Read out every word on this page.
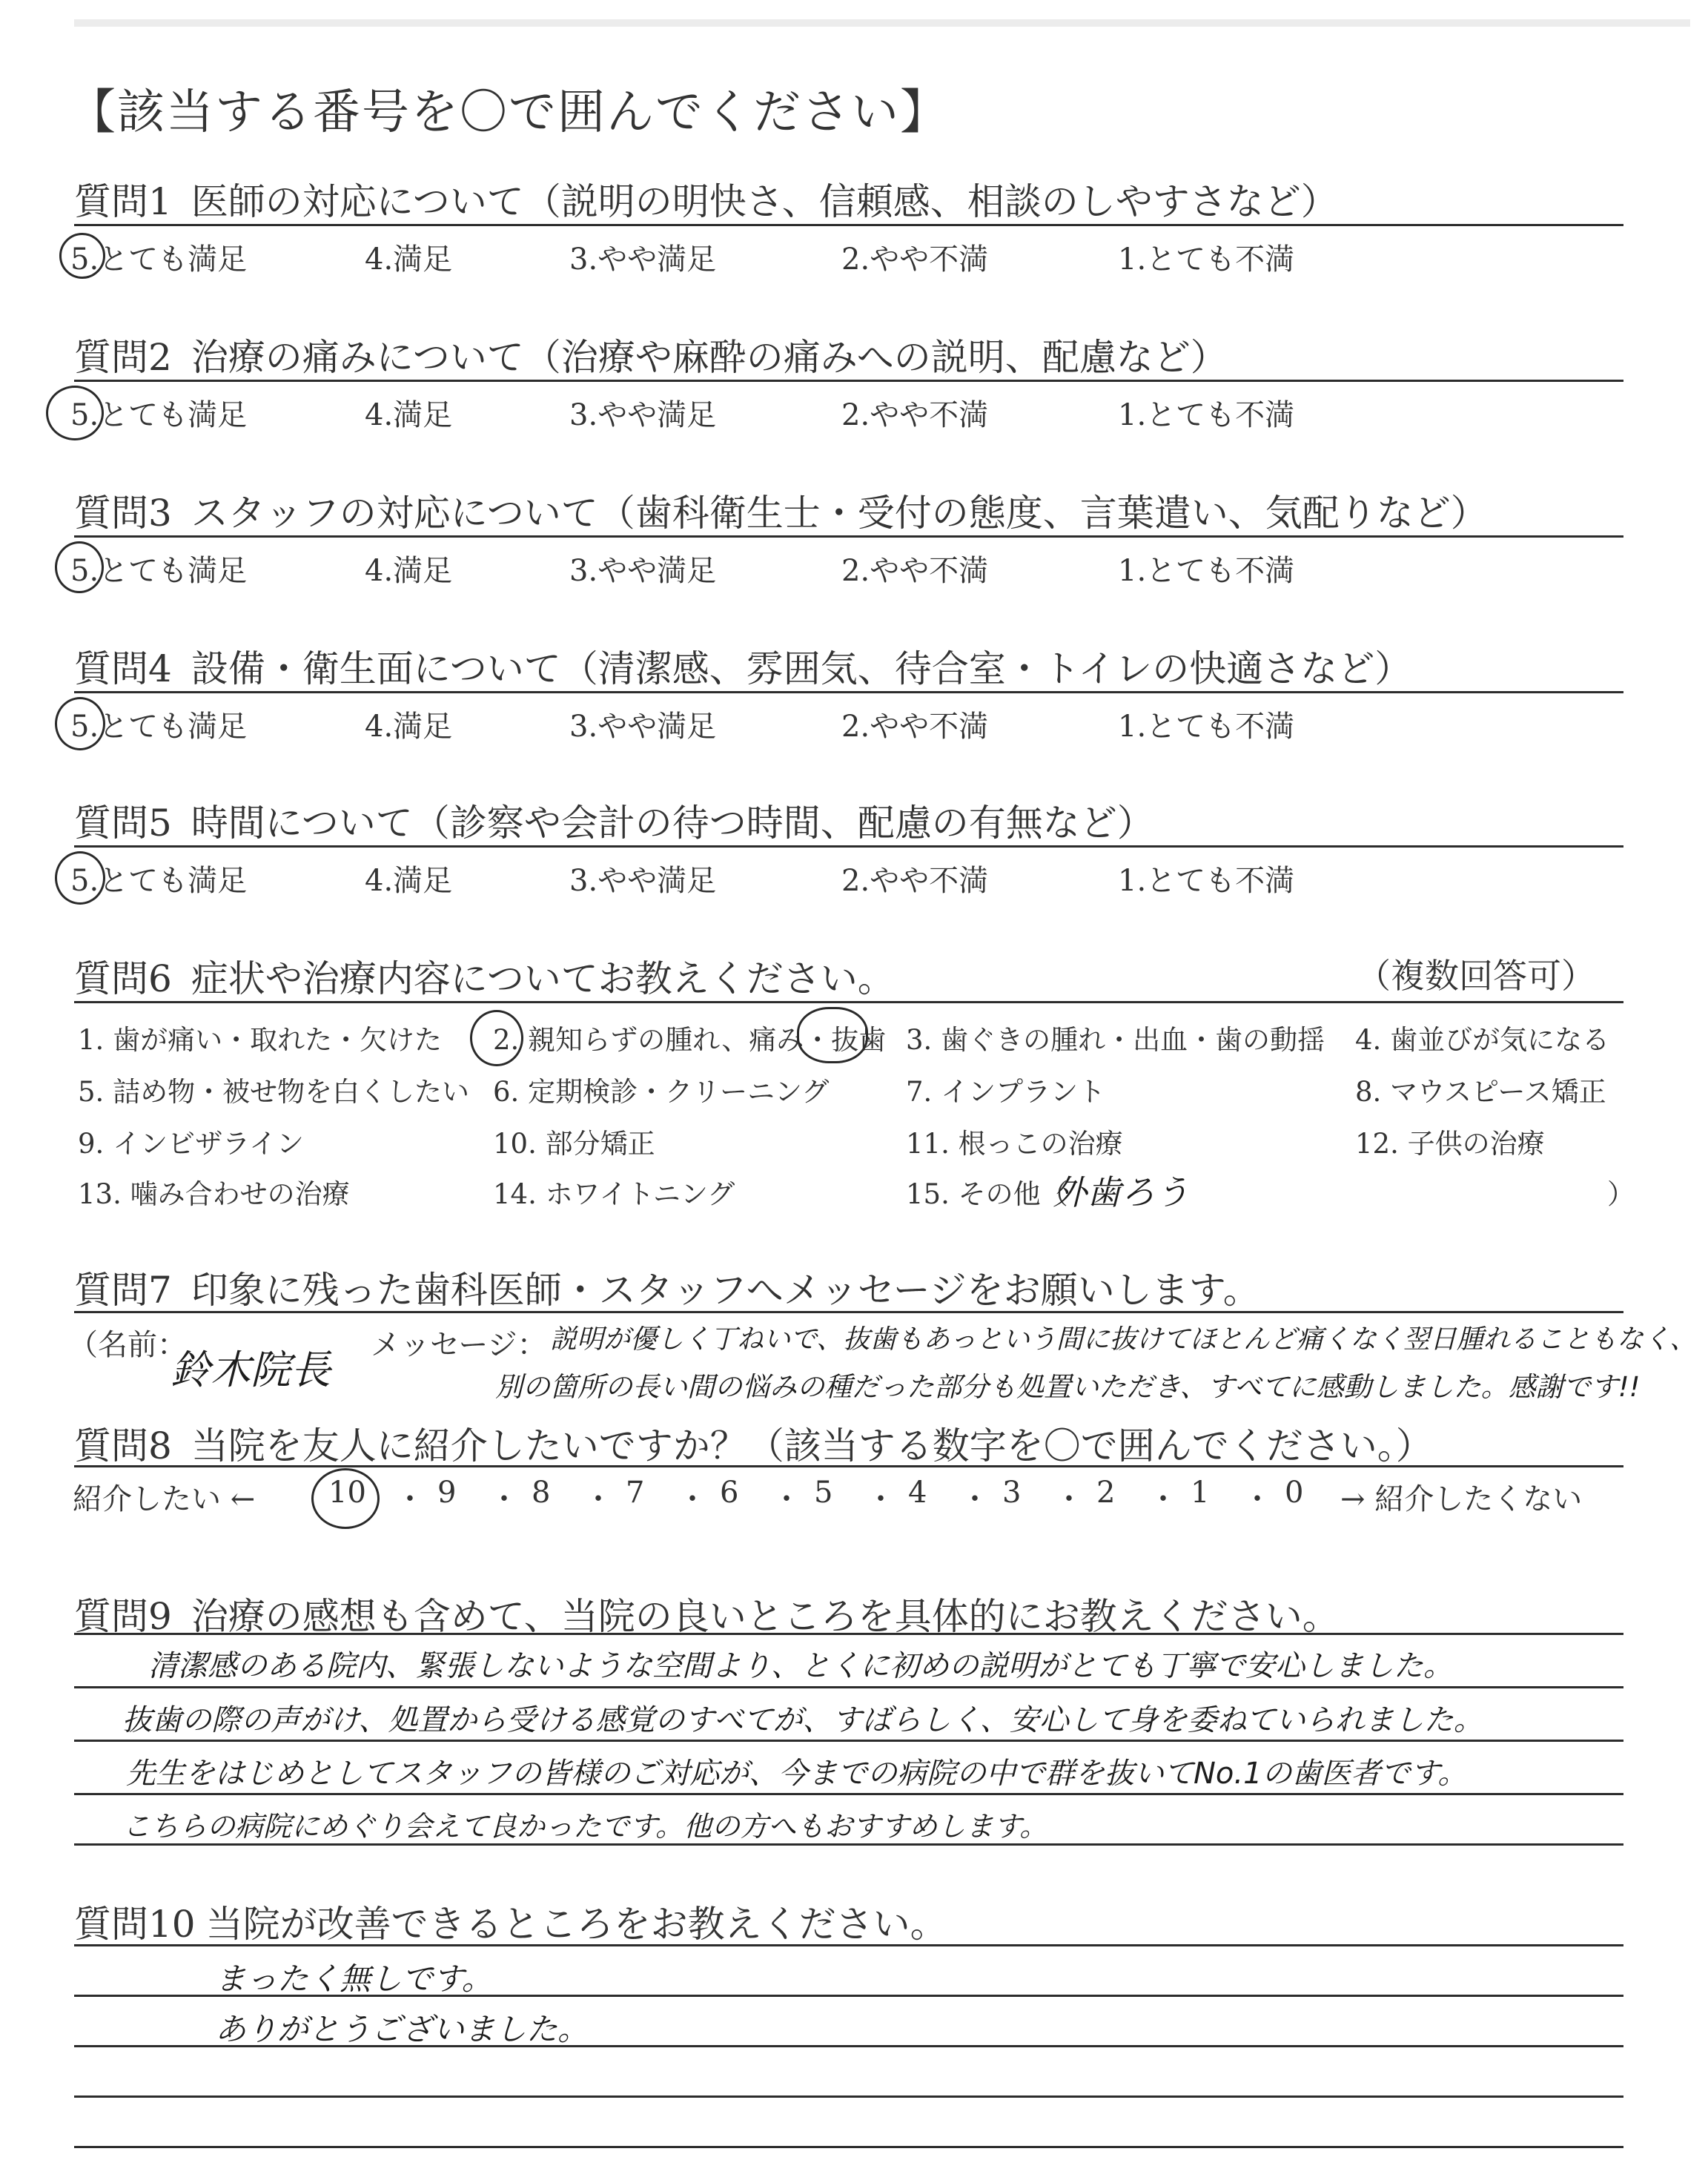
【該当する番号を〇で囲んでください】
質問1 医師の対応について（説明の明快さ、信頼感、相談のしやすさなど）
5.とても満足	4.満足	3.やや満足	2.やや不満	1.とても不満
質問2 治療の痛みについて（治療や麻酔の痛みへの説明、配慮など）
5.とても満足	4.満足	3.やや満足	2.やや不満	1.とても不満
質問3 スタッフの対応について（歯科衛生士・受付の態度、言葉遣い、気配りなど）
5.とても満足	4.満足	3.やや満足	2.やや不満	1.とても不満
質問4 設備・衛生面について（清潔感、雰囲気、待合室・トイレの快適さなど）
5.とても満足	4.満足	3.やや満足	2.やや不満	1.とても不満
質問5 時間について（診察や会計の待つ時間、配慮の有無など）
5.とても満足	4.満足	3.やや満足	2.やや不満	1.とても不満
質問6 症状や治療内容についてお教えください。	（複数回答可）
1. 歯が痛い・取れた・欠けた 2. 親知らずの腫れ、痛み・抜歯 3. 歯ぐきの腫れ・出血・歯の動揺 4. 歯並びが気になる
5. 詰め物・被せ物を白くしたい 6. 定期検診・クリーニング	7. インプラント	8. マウスピース矯正
9. インビザライン	10. 部分矯正	11. 根っこの治療	12. 子供の治療
13. 噛み合わせの治療	14. ホワイトニング	15. その他（	）
外歯ろう
質問7 印象に残った歯科医師・スタッフへメッセージをお願いします。
（名前：
鈴木院長
メッセージ： 説明が優しく丁ねいで、抜歯もあっという間に抜けてほとんど痛くなく翌日腫れることもなく、
別の箇所の長い間の悩みの種だった部分も処置いただき、すべてに感動しました。感謝です!!
質問8 当院を友人に紹介したいですか？（該当する数字を〇で囲んでください。）
紹介したい ← 10 ・ 9 ・ 8 ・ 7 ・ 6 ・ 5 ・ 4 ・ 3 ・ 2 ・ 1 ・ 0 → 紹介したくない
質問9 治療の感想も含めて、当院の良いところを具体的にお教えください。
清潔感のある院内、緊張しないような空間より、とくに初めの説明がとても丁寧で安心しました。
抜歯の際の声がけ、処置から受ける感覚のすべてが、すばらしく、安心して身を委ねていられました。
先生をはじめとしてスタッフの皆様のご対応が、今までの病院の中で群を抜いてNo.1の歯医者です。
こちらの病院にめぐり会えて良かったです。他の方へもおすすめします。
質問10 当院が改善できるところをお教えください。
まったく無しです。
ありがとうございました。
